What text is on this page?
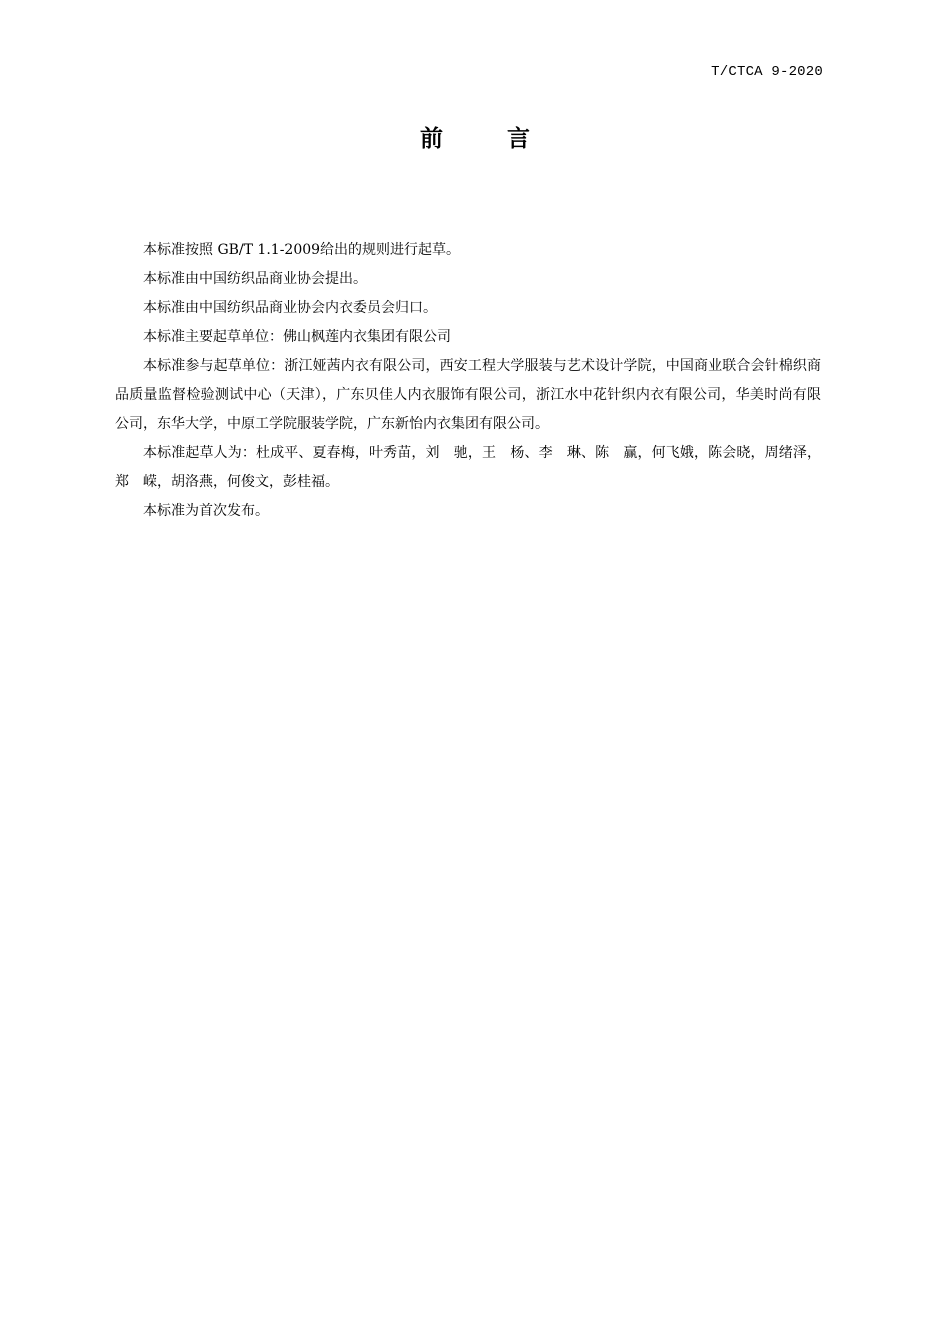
T/CTCA 9-2020
前 言

本标准按照 GB/T 1.1-2009给出的规则进行起草。

本标准由中国纺织品商业协会提出。

本标准由中国纺织品商业协会内衣委员会归口。

本标准主要起草单位：佛山枫莲内衣集团有限公司

本标准参与起草单位：浙江娅茜内衣有限公司，西安工程大学服装与艺术设计学院，中国商业联合会针棉织商品质量监督检验测试中心（天津），广东贝佳人内衣服饰有限公司，浙江水中花针织内衣有限公司，华美时尚有限公司，东华大学，中原工学院服装学院，广东新怡内衣集团有限公司。

本标准起草人为：杜成平、夏春梅，叶秀苗，刘　驰，王　杨、李　琳、陈　赢，何飞娥，陈会晓，周绪泽，郑　嵘，胡洛燕，何俊文，彭桂福。

本标准为首次发布。
